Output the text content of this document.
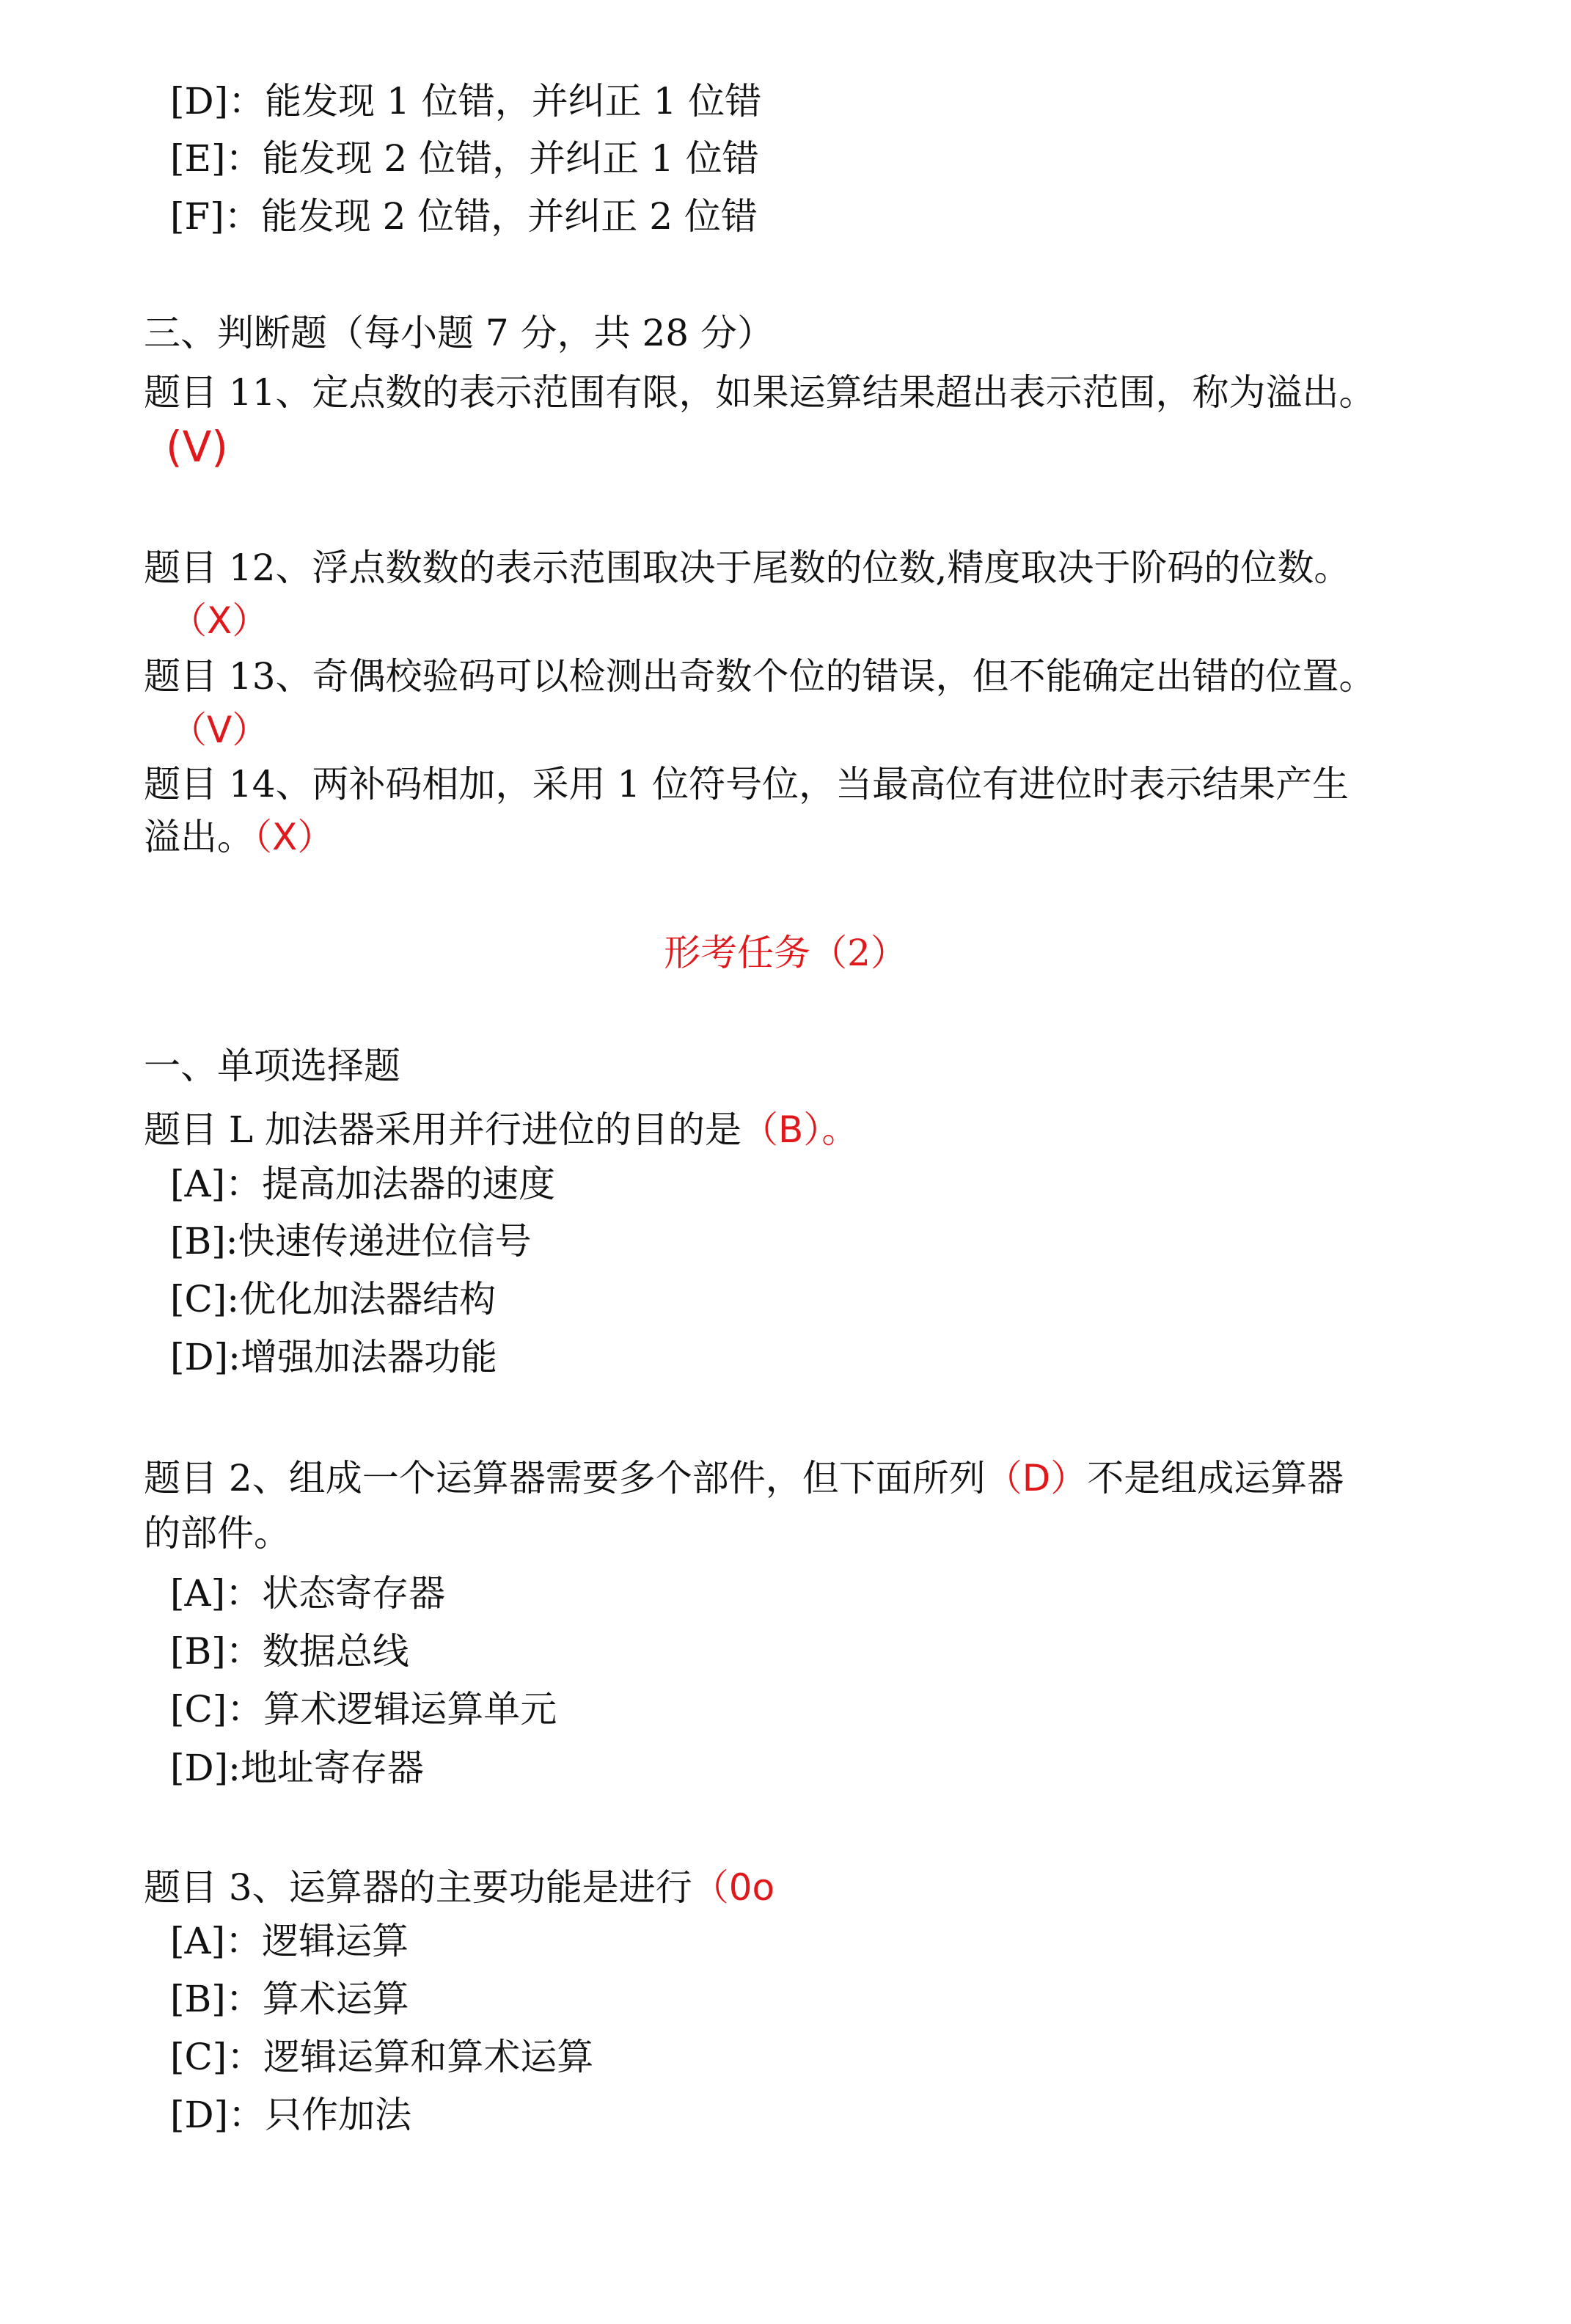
[D]：能发现 1 位错，并纠正 1 位错
[E]：能发现 2 位错，并纠正 1 位错
[F]：能发现 2 位错，并纠正 2 位错
三、判断题（每小题 7 分，共 28 分）
题目 11、定点数的表示范围有限，如果运算结果超出表示范围，称为溢出。
(V)
题目 12、浮点数数的表示范围取决于尾数的位数,精度取决于阶码的位数。
（X）
题目 13、奇偶校验码可以检测出奇数个位的错误，但不能确定出错的位置。
（V）
题目 14、两补码相加，采用 1 位符号位，当最高位有进位时表示结果产生
溢出。（X）
形考任务（2）
一、单项选择题
题目 L 加法器采用并行进位的目的是（B）。
[A]：提高加法器的速度
[B]:快速传递进位信号
[C]:优化加法器结构
[D]:增强加法器功能
题目 2、组成一个运算器需要多个部件，但下面所列（D）不是组成运算器
的部件。
[A]：状态寄存器
[B]：数据总线
[C]：算术逻辑运算单元
[D]:地址寄存器
题目 3、运算器的主要功能是进行（0o
[A]：逻辑运算
[B]：算术运算
[C]：逻辑运算和算术运算
[D]：只作加法
